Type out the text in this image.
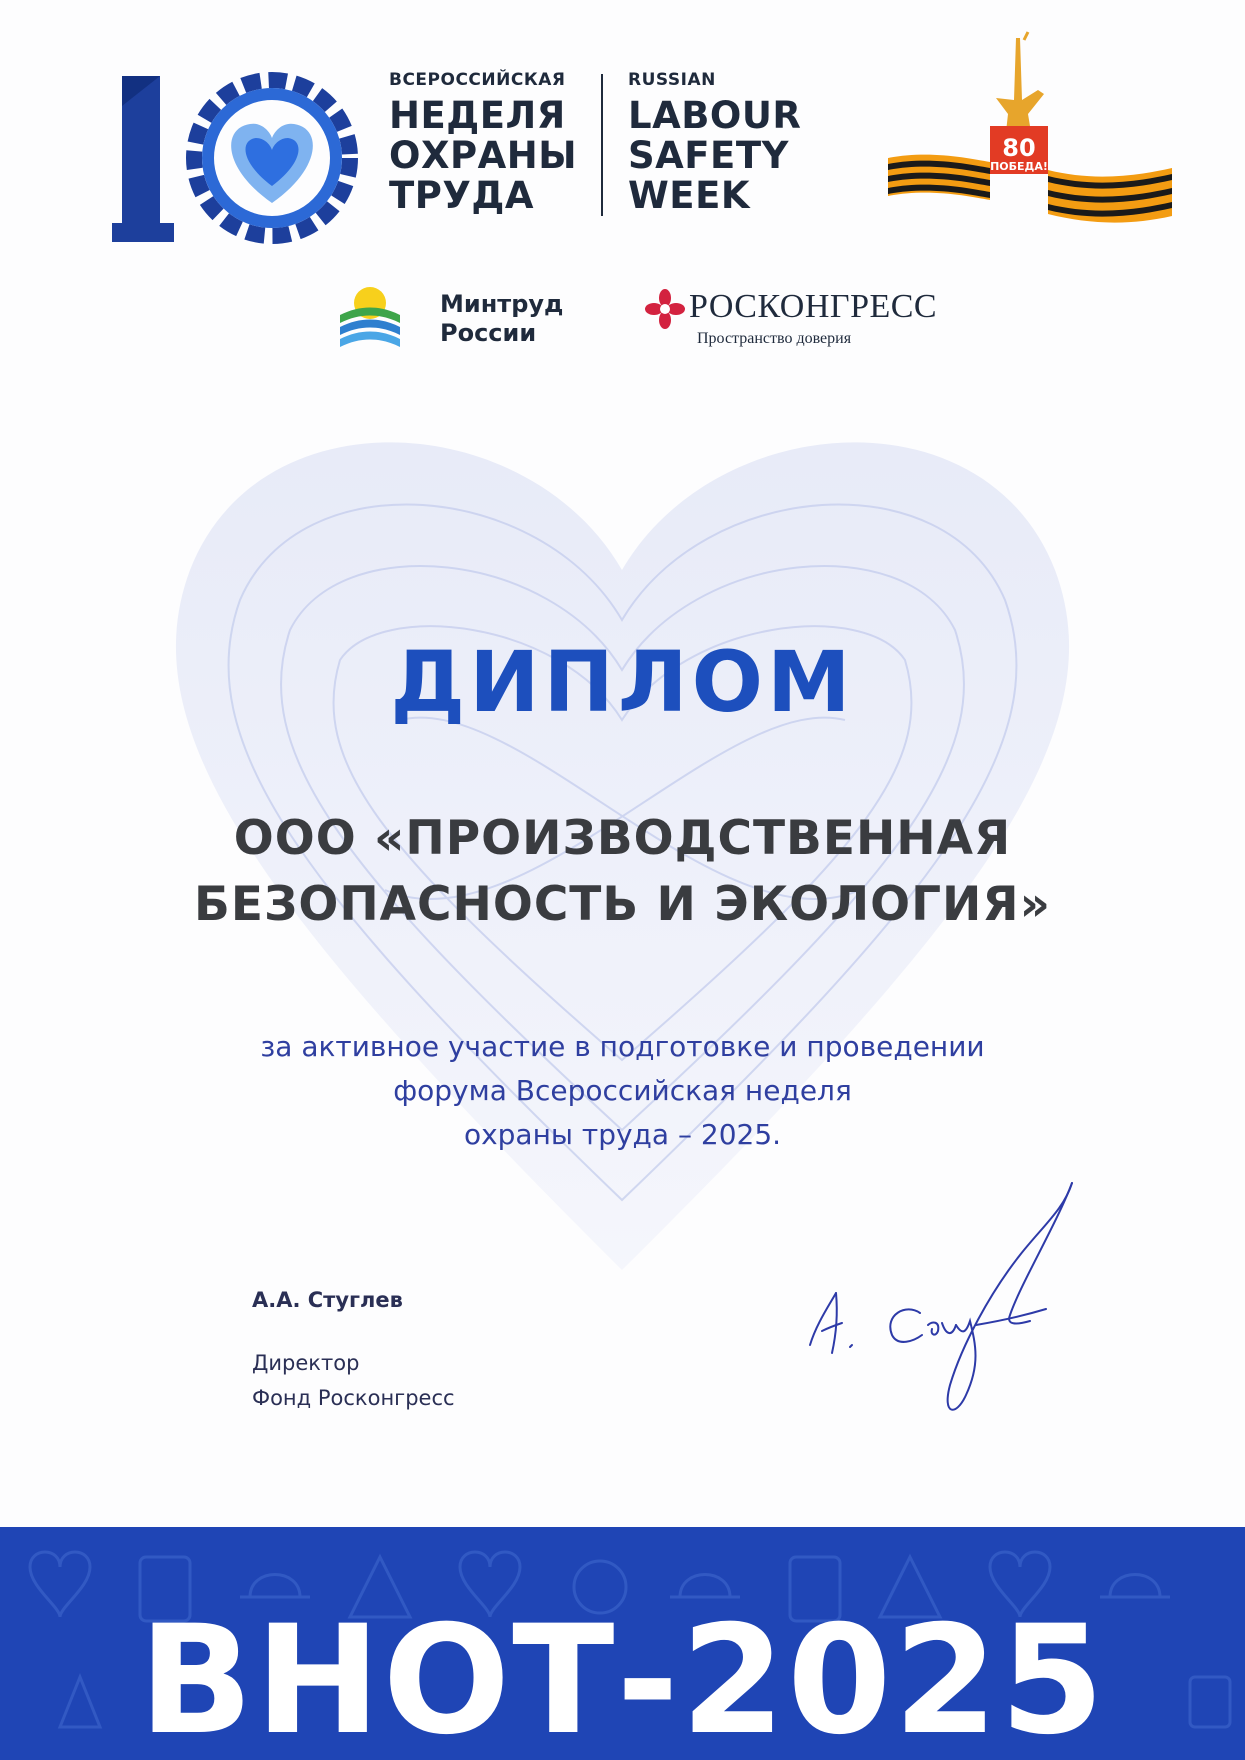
ВСЕРОССИЙСКАЯ
НЕДЕЛЯ
ОХРАНЫ
ТРУДА
RUSSIAN
LABOUR
SAFETY
WEEK
80
ПОБЕДА!
Минтруд
России
РОСКОНГРЕСС
Пространство доверия
ДИПЛОМ
ООО «ПРОИЗВОДСТВЕННАЯ
БЕЗОПАСНОСТЬ И ЭКОЛОГИЯ»
за активное участие в подготовке и проведении
форума Всероссийская неделя
охраны труда – 2025.
А.А. Стуглев
Директор
Фонд Росконгресс
ВНОТ-2025
